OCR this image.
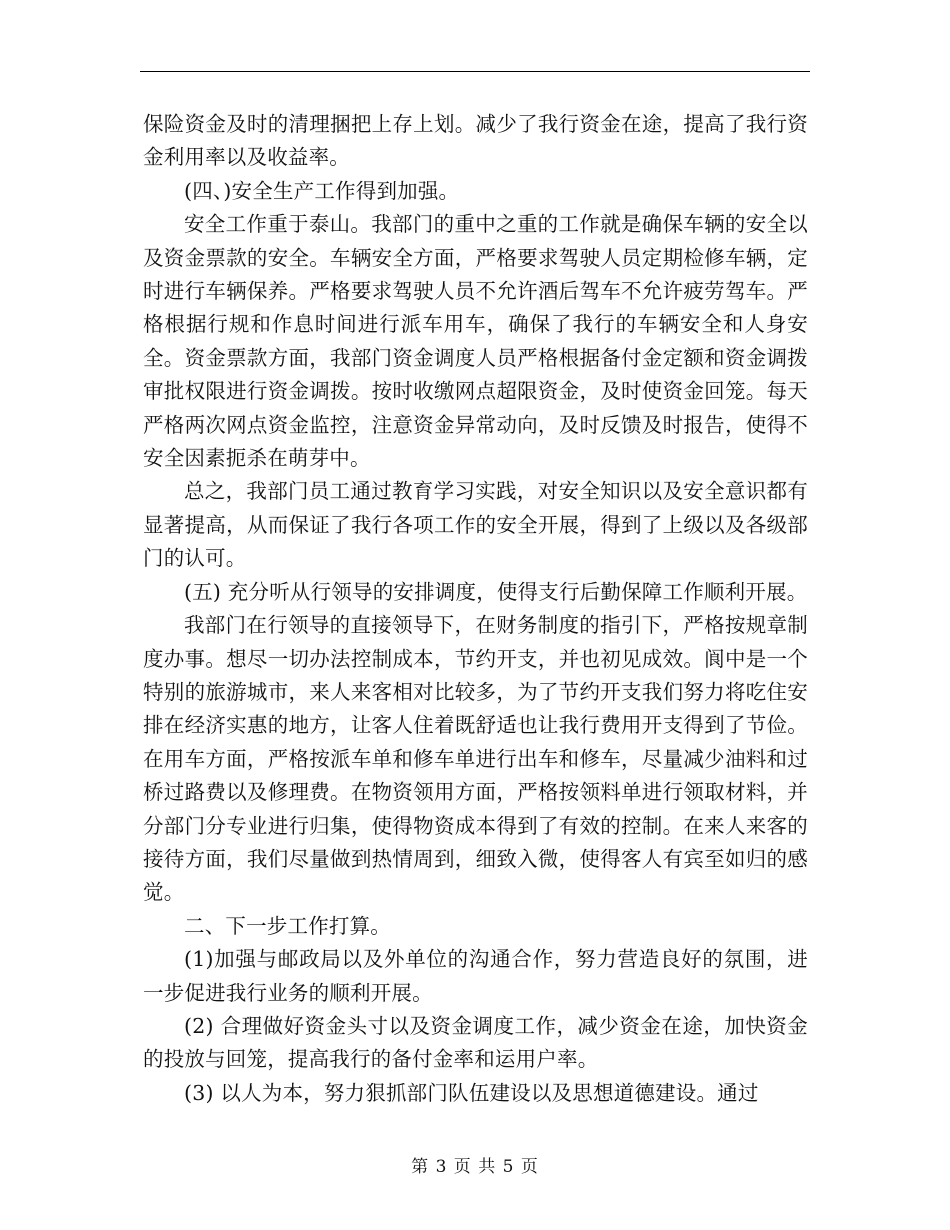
保险资金及时的清理捆把上存上划。减少了我行资金在途，提高了我行资金利用率以及收益率。

(四、)安全生产工作得到加强。

安全工作重于泰山。我部门的重中之重的工作就是确保车辆的安全以及资金票款的安全。车辆安全方面，严格要求驾驶人员定期检修车辆，定时进行车辆保养。严格要求驾驶人员不允许酒后驾车不允许疲劳驾车。严格根据行规和作息时间进行派车用车，确保了我行的车辆安全和人身安全。资金票款方面，我部门资金调度人员严格根据备付金定额和资金调拨审批权限进行资金调拨。按时收缴网点超限资金，及时使资金回笼。每天严格两次网点资金监控，注意资金异常动向，及时反馈及时报告，使得不安全因素扼杀在萌芽中。

总之，我部门员工通过教育学习实践，对安全知识以及安全意识都有显著提高，从而保证了我行各项工作的安全开展，得到了上级以及各级部门的认可。

(五) 充分听从行领导的安排调度，使得支行后勤保障工作顺利开展。

我部门在行领导的直接领导下，在财务制度的指引下，严格按规章制度办事。想尽一切办法控制成本，节约开支，并也初见成效。阆中是一个特别的旅游城市，来人来客相对比较多，为了节约开支我们努力将吃住安排在经济实惠的地方，让客人住着既舒适也让我行费用开支得到了节俭。在用车方面，严格按派车单和修车单进行出车和修车，尽量减少油料和过桥过路费以及修理费。在物资领用方面，严格按领料单进行领取材料，并分部门分专业进行归集，使得物资成本得到了有效的控制。在来人来客的接待方面，我们尽量做到热情周到，细致入微，使得客人有宾至如归的感觉。

二、下一步工作打算。

(1)加强与邮政局以及外单位的沟通合作，努力营造良好的氛围，进一步促进我行业务的顺利开展。

(2) 合理做好资金头寸以及资金调度工作，减少资金在途，加快资金的投放与回笼，提高我行的备付金率和运用户率。

(3) 以人为本，努力狠抓部门队伍建设以及思想道德建设。通过

第 3 页 共 5 页
